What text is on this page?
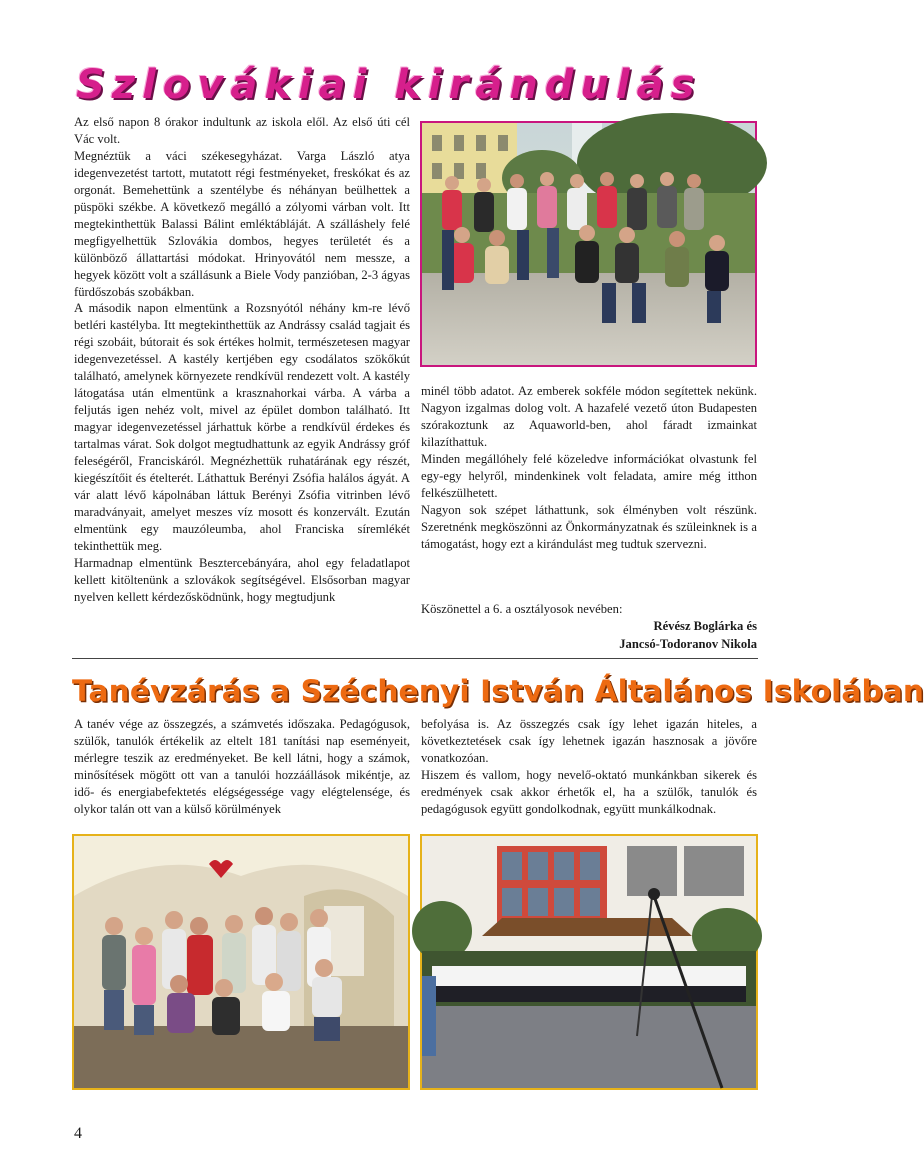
Szlovákiai kirándulás

Az első napon 8 órakor indultunk az iskola elől. Az első úti cél Vác volt.

Megnéztük a váci székesegyházat. Varga László atya idegenvezetést tartott, mutatott régi festményeket, freskókat és az orgonát. Bemehettünk a szentélybe és néhányan beülhettek a püspöki székbe. A következő megálló a zólyomi várban volt. Itt megtekinthettük Balassi Bálint emléktábláját. A szálláshely felé megfigyelhettük Szlovákia dombos, hegyes területét és a különböző állattartási módokat. Hrinyovától nem messze, a hegyek között volt a szállásunk a Biele Vody panzióban, 2-3 ágyas fürdőszobás szobákban.

A második napon elmentünk a Rozsnyótól néhány km-re lévő betléri kastélyba. Itt megtekinthettük az Andrássy család tagjait és régi szobáit, bútorait és sok értékes holmit, természetesen magyar idegenvezetéssel. A kastély kertjében egy csodálatos szökőkút található, amelynek környezete rendkívül rendezett volt. A kastély látogatása után elmentünk a krasznahorkai várba. A várba a feljutás igen nehéz volt, mivel az épület dombon található. Itt magyar idegenvezetéssel járhattuk körbe a rendkívül érdekes és tartalmas várat. Sok dolgot megtudhattunk az egyik Andrássy gróf feleségéről, Franciskáról. Megnézhettük ruhatárának egy részét, kiegészítőit és ételterét. Láthattuk Berényi Zsófia halálos ágyát. A vár alatt lévő kápolnában láttuk Berényi Zsófia vitrinben lévő maradványait, amelyet meszes víz mosott és konzervált. Ezután elmentünk egy mauzóleumba, ahol Franciska síremlékét tekinthettük meg.

Harmadnap elmentünk Besztercebányára, ahol egy feladatlapot kellett kitöltenünk a szlovákok segítségével. Elsősorban magyar nyelven kellett kérdezősködnünk, hogy megtudjunk

minél több adatot. Az emberek sokféle módon segítettek nekünk. Nagyon izgalmas dolog volt. A hazafelé vezető úton Budapesten szórakoztunk az Aquaworld-ben, ahol fáradt izmainkat kilazíthattuk.

Minden megállóhely felé közeledve információkat olvastunk fel egy-egy helyről, mindenkinek volt feladata, amire még itthon felkészülhetett.

Nagyon sok szépet láthattunk, sok élményben volt részünk. Szeretnénk megköszönni az Önkormányzatnak és szüleinknek is a támogatást, hogy ezt a kirándulást meg tudtuk szervezni.

Köszönettel a 6. a osztályosok nevében:
Révész Boglárka és
Jancsó-Todoranov Nikola
Tanévzárás a Széchenyi István Általános Iskolában

A tanév vége az összegzés, a számvetés időszaka. Pedagógusok, szülők, tanulók értékelik az eltelt 181 tanítási nap eseményeit, mérlegre teszik az eredményeket. Be kell látni, hogy a számok, minősítések mögött ott van a tanulói hozzáállások mikéntje, az idő- és energiabefektetés elégségessége vagy elégtelensége, és olykor talán ott van a külső körülmények

befolyása is. Az összegzés csak így lehet igazán hiteles, a következtetések csak így lehetnek igazán hasznosak a jövőre vonatkozóan.

Hiszem és vallom, hogy nevelő-oktató munkánkban sikerek és eredmények csak akkor érhetők el, ha a szülők, tanulók és pedagógusok együtt gondolkodnak, együtt munkálkodnak.

4
